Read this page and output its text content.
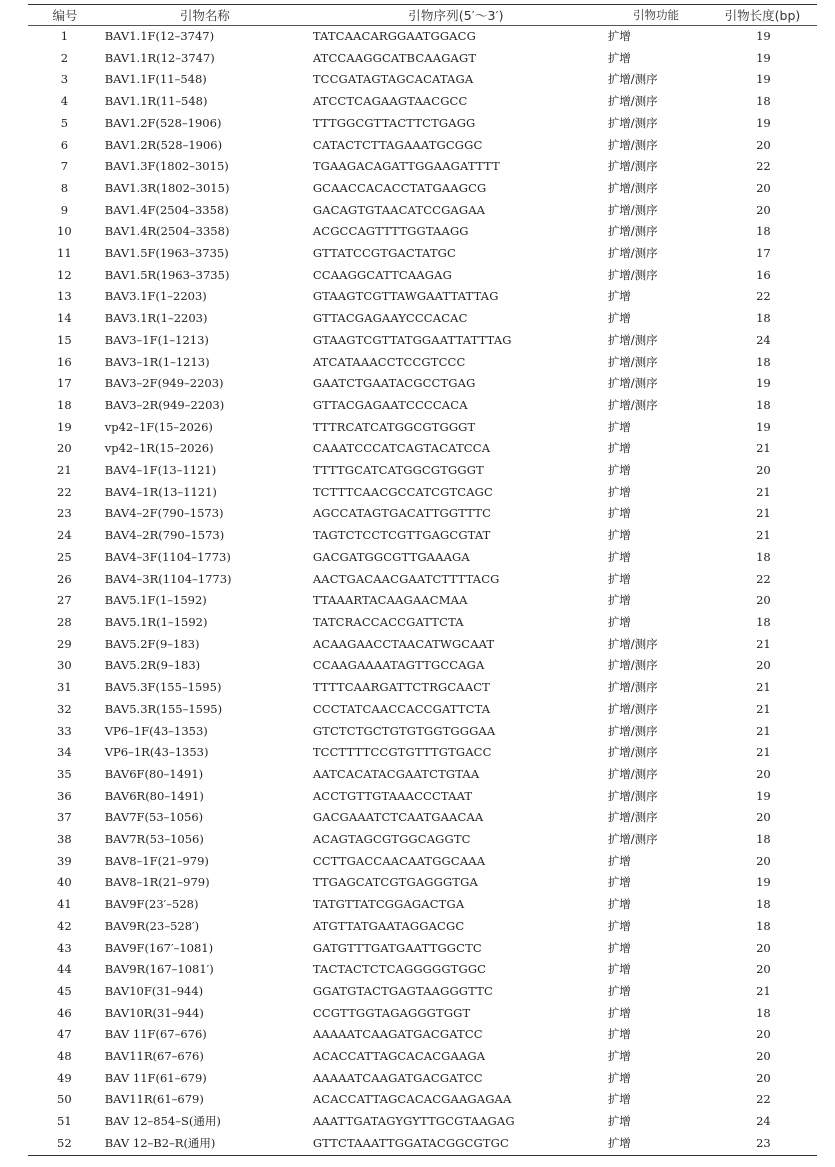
编号	引物名称	引物序列(5′～3′)	引物功能	引物长度(bp)
1	BAV1.1F(12–3747)	TATCAACARGGAATGGACG	扩增	19
2	BAV1.1R(12–3747)	ATCCAAGGCATBCAAGAGT	扩增	19
3	BAV1.1F(11–548)	TCCGATAGTAGCACATAGA	扩增/测序	19
4	BAV1.1R(11–548)	ATCCTCAGAAGTAACGCC	扩增/测序	18
5	BAV1.2F(528–1906)	TTTGGCGTTACTTCTGAGG	扩增/测序	19
6	BAV1.2R(528–1906)	CATACTCTTAGAAATGCGGC	扩增/测序	20
7	BAV1.3F(1802–3015)	TGAAGACAGATTGGAAGATTTT	扩增/测序	22
8	BAV1.3R(1802–3015)	GCAACCACACCTATGAAGCG	扩增/测序	20
9	BAV1.4F(2504–3358)	GACAGTGTAACATCCGAGAA	扩增/测序	20
10	BAV1.4R(2504–3358)	ACGCCAGTTTTGGTAAGG	扩增/测序	18
11	BAV1.5F(1963–3735)	GTTATCCGTGACTATGC	扩增/测序	17
12	BAV1.5R(1963–3735)	CCAAGGCATTCAAGAG	扩增/测序	16
13	BAV3.1F(1–2203)	GTAAGTCGTTAWGAATTATTAG	扩增	22
14	BAV3.1R(1–2203)	GTTACGAGAAYCCCACAC	扩增	18
15	BAV3–1F(1–1213)	GTAAGTCGTTATGGAATTATTTAG	扩增/测序	24
16	BAV3–1R(1–1213)	ATCATAAACCTCCGTCCC	扩增/测序	18
17	BAV3–2F(949–2203)	GAATCTGAATACGCCTGAG	扩增/测序	19
18	BAV3–2R(949–2203)	GTTACGAGAATCCCCACA	扩增/测序	18
19	vp42–1F(15–2026)	TTTRCATCATGGCGTGGGT	扩增	19
20	vp42–1R(15–2026)	CAAATCCCATCAGTACATCCA	扩增	21
21	BAV4–1F(13–1121)	TTTTGCATCATGGCGTGGGT	扩增	20
22	BAV4–1R(13–1121)	TCTTTCAACGCCATCGTCAGC	扩增	21
23	BAV4–2F(790–1573)	AGCCATAGTGACATTGGTTTC	扩增	21
24	BAV4–2R(790–1573)	TAGTCTCCTCGTTGAGCGTAT	扩增	21
25	BAV4–3F(1104–1773)	GACGATGGCGTTGAAAGA	扩增	18
26	BAV4–3R(1104–1773)	AACTGACAACGAATCTTTTACG	扩增	22
27	BAV5.1F(1–1592)	TTAAARTACAAGAACMAA	扩增	20
28	BAV5.1R(1–1592)	TATCRACCACCGATTCTA	扩增	18
29	BAV5.2F(9–183)	ACAAGAACCTAACATWGCAAT	扩增/测序	21
30	BAV5.2R(9–183)	CCAAGAAAATAGTTGCCAGA	扩增/测序	20
31	BAV5.3F(155–1595)	TTTTCAARGATTCTRGCAACT	扩增/测序	21
32	BAV5.3R(155–1595)	CCCTATCAACCACCGATTCTA	扩增/测序	21
33	VP6–1F(43–1353)	GTCTCTGCTGTGTGGTGGGAA	扩增/测序	21
34	VP6–1R(43–1353)	TCCTTTTCCGTGTTTGTGACC	扩增/测序	21
35	BAV6F(80–1491)	AATCACATACGAATCTGTAA	扩增/测序	20
36	BAV6R(80–1491)	ACCTGTTGTAAACCCTAAT	扩增/测序	19
37	BAV7F(53–1056)	GACGAAATCTCAATGAACAA	扩增/测序	20
38	BAV7R(53–1056)	ACAGTAGCGTGGCAGGTC	扩增/测序	18
39	BAV8–1F(21–979)	CCTTGACCAACAATGGCAAA	扩增	20
40	BAV8–1R(21–979)	TTGAGCATCGTGAGGGTGA	扩增	19
41	BAV9F(23′–528)	TATGTTATCGGAGACTGA	扩增	18
42	BAV9R(23–528′)	ATGTTATGAATAGGACGC	扩增	18
43	BAV9F(167′–1081)	GATGTTTGATGAATTGGCTC	扩增	20
44	BAV9R(167–1081′)	TACTACTCTCAGGGGGTGGC	扩增	20
45	BAV10F(31–944)	GGATGTACTGAGTAAGGGTTC	扩增	21
46	BAV10R(31–944)	CCGTTGGTAGAGGGTGGT	扩增	18
47	BAV 11F(67–676)	AAAAATCAAGATGACGATCC	扩增	20
48	BAV11R(67–676)	ACACCATTAGCACACGAAGA	扩增	20
49	BAV 11F(61–679)	AAAAATCAAGATGACGATCC	扩增	20
50	BAV11R(61–679)	ACACCATTAGCACACGAAGAGAA	扩增	22
51	BAV 12–854–S(通用)	AAATTGATAGYGYTTGCGTAAGAG	扩增	24
52	BAV 12–B2–R(通用)	GTTCTAAATTGGATACGGCGTGC	扩增	23
